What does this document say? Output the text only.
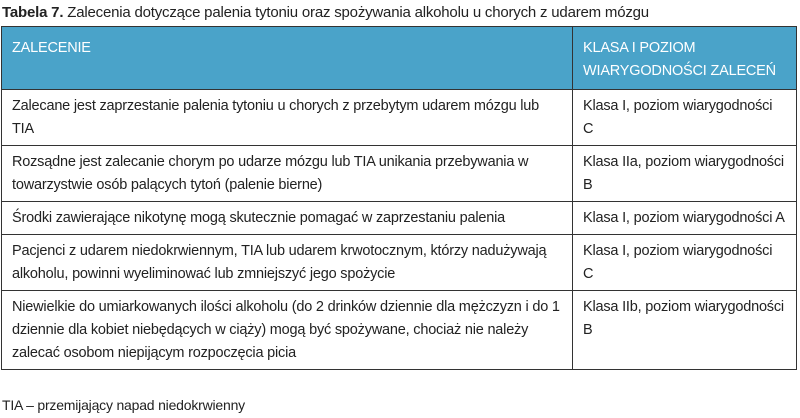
Tabela 7. Zalecenia dotyczące palenia tytoniu oraz spożywania alkoholu u chorych z udarem mózgu
ZALECENIE	KLASA I POZIOM WIARYGODNOŚCI ZALECEŃ
Zalecane jest zaprzestanie palenia tytoniu u chorych z przebytym udarem mózgu lub TIA	Klasa I, poziom wiarygodności C
Rozsądne jest zalecanie chorym po udarze mózgu lub TIA unikania przebywania w towarzystwie osób palących tytoń (palenie bierne)	Klasa IIa, poziom wiarygodności B
Środki zawierające nikotynę mogą skutecznie pomagać w zaprzestaniu palenia	Klasa I, poziom wiarygodności A
Pacjenci z udarem niedokrwiennym, TIA lub udarem krwotocznym, którzy nadużywają alkoholu, powinni wyeliminować lub zmniejszyć jego spożycie	Klasa I, poziom wiarygodności C
Niewielkie do umiarkowanych ilości alkoholu (do 2 drinków dziennie dla mężczyzn i do 1 dziennie dla kobiet niebędących w ciąży) mogą być spożywane, chociaż nie należy zalecać osobom niepijącym rozpoczęcia picia	Klasa IIb, poziom wiarygodności B
TIA – przemijający napad niedokrwienny
